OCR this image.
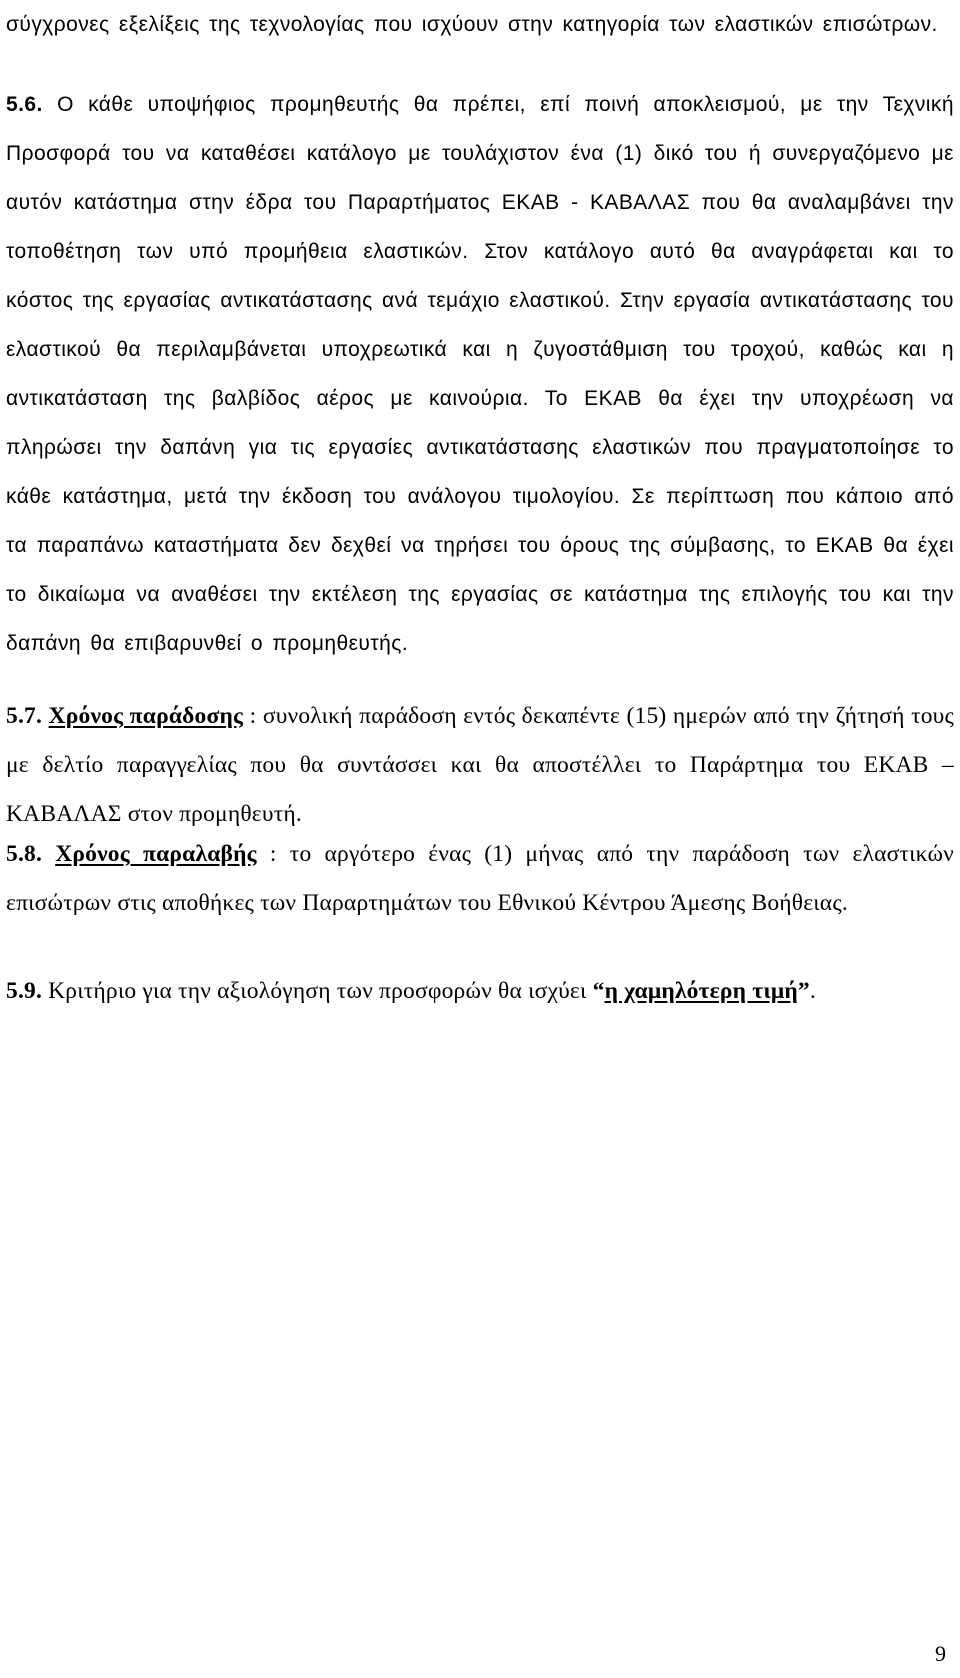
σύγχρονες εξελίξεις της τεχνολογίας που ισχύουν στην κατηγορία των ελαστικών επισώτρων.

5.6. Ο κάθε υποψήφιος προμηθευτής θα πρέπει, επί ποινή αποκλεισμού, με την Τεχνική Προσφορά του να καταθέσει κατάλογο με τουλάχιστον ένα (1) δικό του ή συνεργαζόμενο με αυτόν κατάστημα στην έδρα του Παραρτήματος ΕΚΑΒ - ΚΑΒΑΛΑΣ που θα αναλαμβάνει την τοποθέτηση των υπό προμήθεια ελαστικών. Στον κατάλογο αυτό θα αναγράφεται και το κόστος της εργασίας αντικατάστασης ανά τεμάχιο ελαστικού. Στην εργασία αντικατάστασης του ελαστικού θα περιλαμβάνεται υποχρεωτικά και η ζυγοστάθμιση του τροχού, καθώς και η αντικατάσταση της βαλβίδος αέρος με καινούρια. Το ΕΚΑΒ θα έχει την υποχρέωση να πληρώσει την δαπάνη για τις εργασίες αντικατάστασης ελαστικών που πραγματοποίησε το κάθε κατάστημα, μετά την έκδοση του ανάλογου τιμολογίου. Σε περίπτωση που κάποιο από τα παραπάνω καταστήματα δεν δεχθεί να τηρήσει του όρους της σύμβασης, το ΕΚΑΒ θα έχει το δικαίωμα να αναθέσει την εκτέλεση της εργασίας σε κατάστημα της επιλογής του και την δαπάνη θα επιβαρυνθεί ο προμηθευτής.

5.7. Χρόνος παράδοσης : συνολική παράδοση εντός δεκαπέντε (15) ημερών από την ζήτησή τους με δελτίο παραγγελίας που θα συντάσσει και θα αποστέλλει το Παράρτημα του ΕΚΑΒ –ΚΑΒΑΛΑΣ στον προμηθευτή.

5.8. Χρόνος παραλαβής : το αργότερο ένας (1) μήνας από την παράδοση των ελαστικών επισώτρων στις αποθήκες των Παραρτημάτων του Εθνικού Κέντρου Άμεσης Βοήθειας.

5.9. Κριτήριο για την αξιολόγηση των προσφορών θα ισχύει “η χαμηλότερη τιμή”.

9
